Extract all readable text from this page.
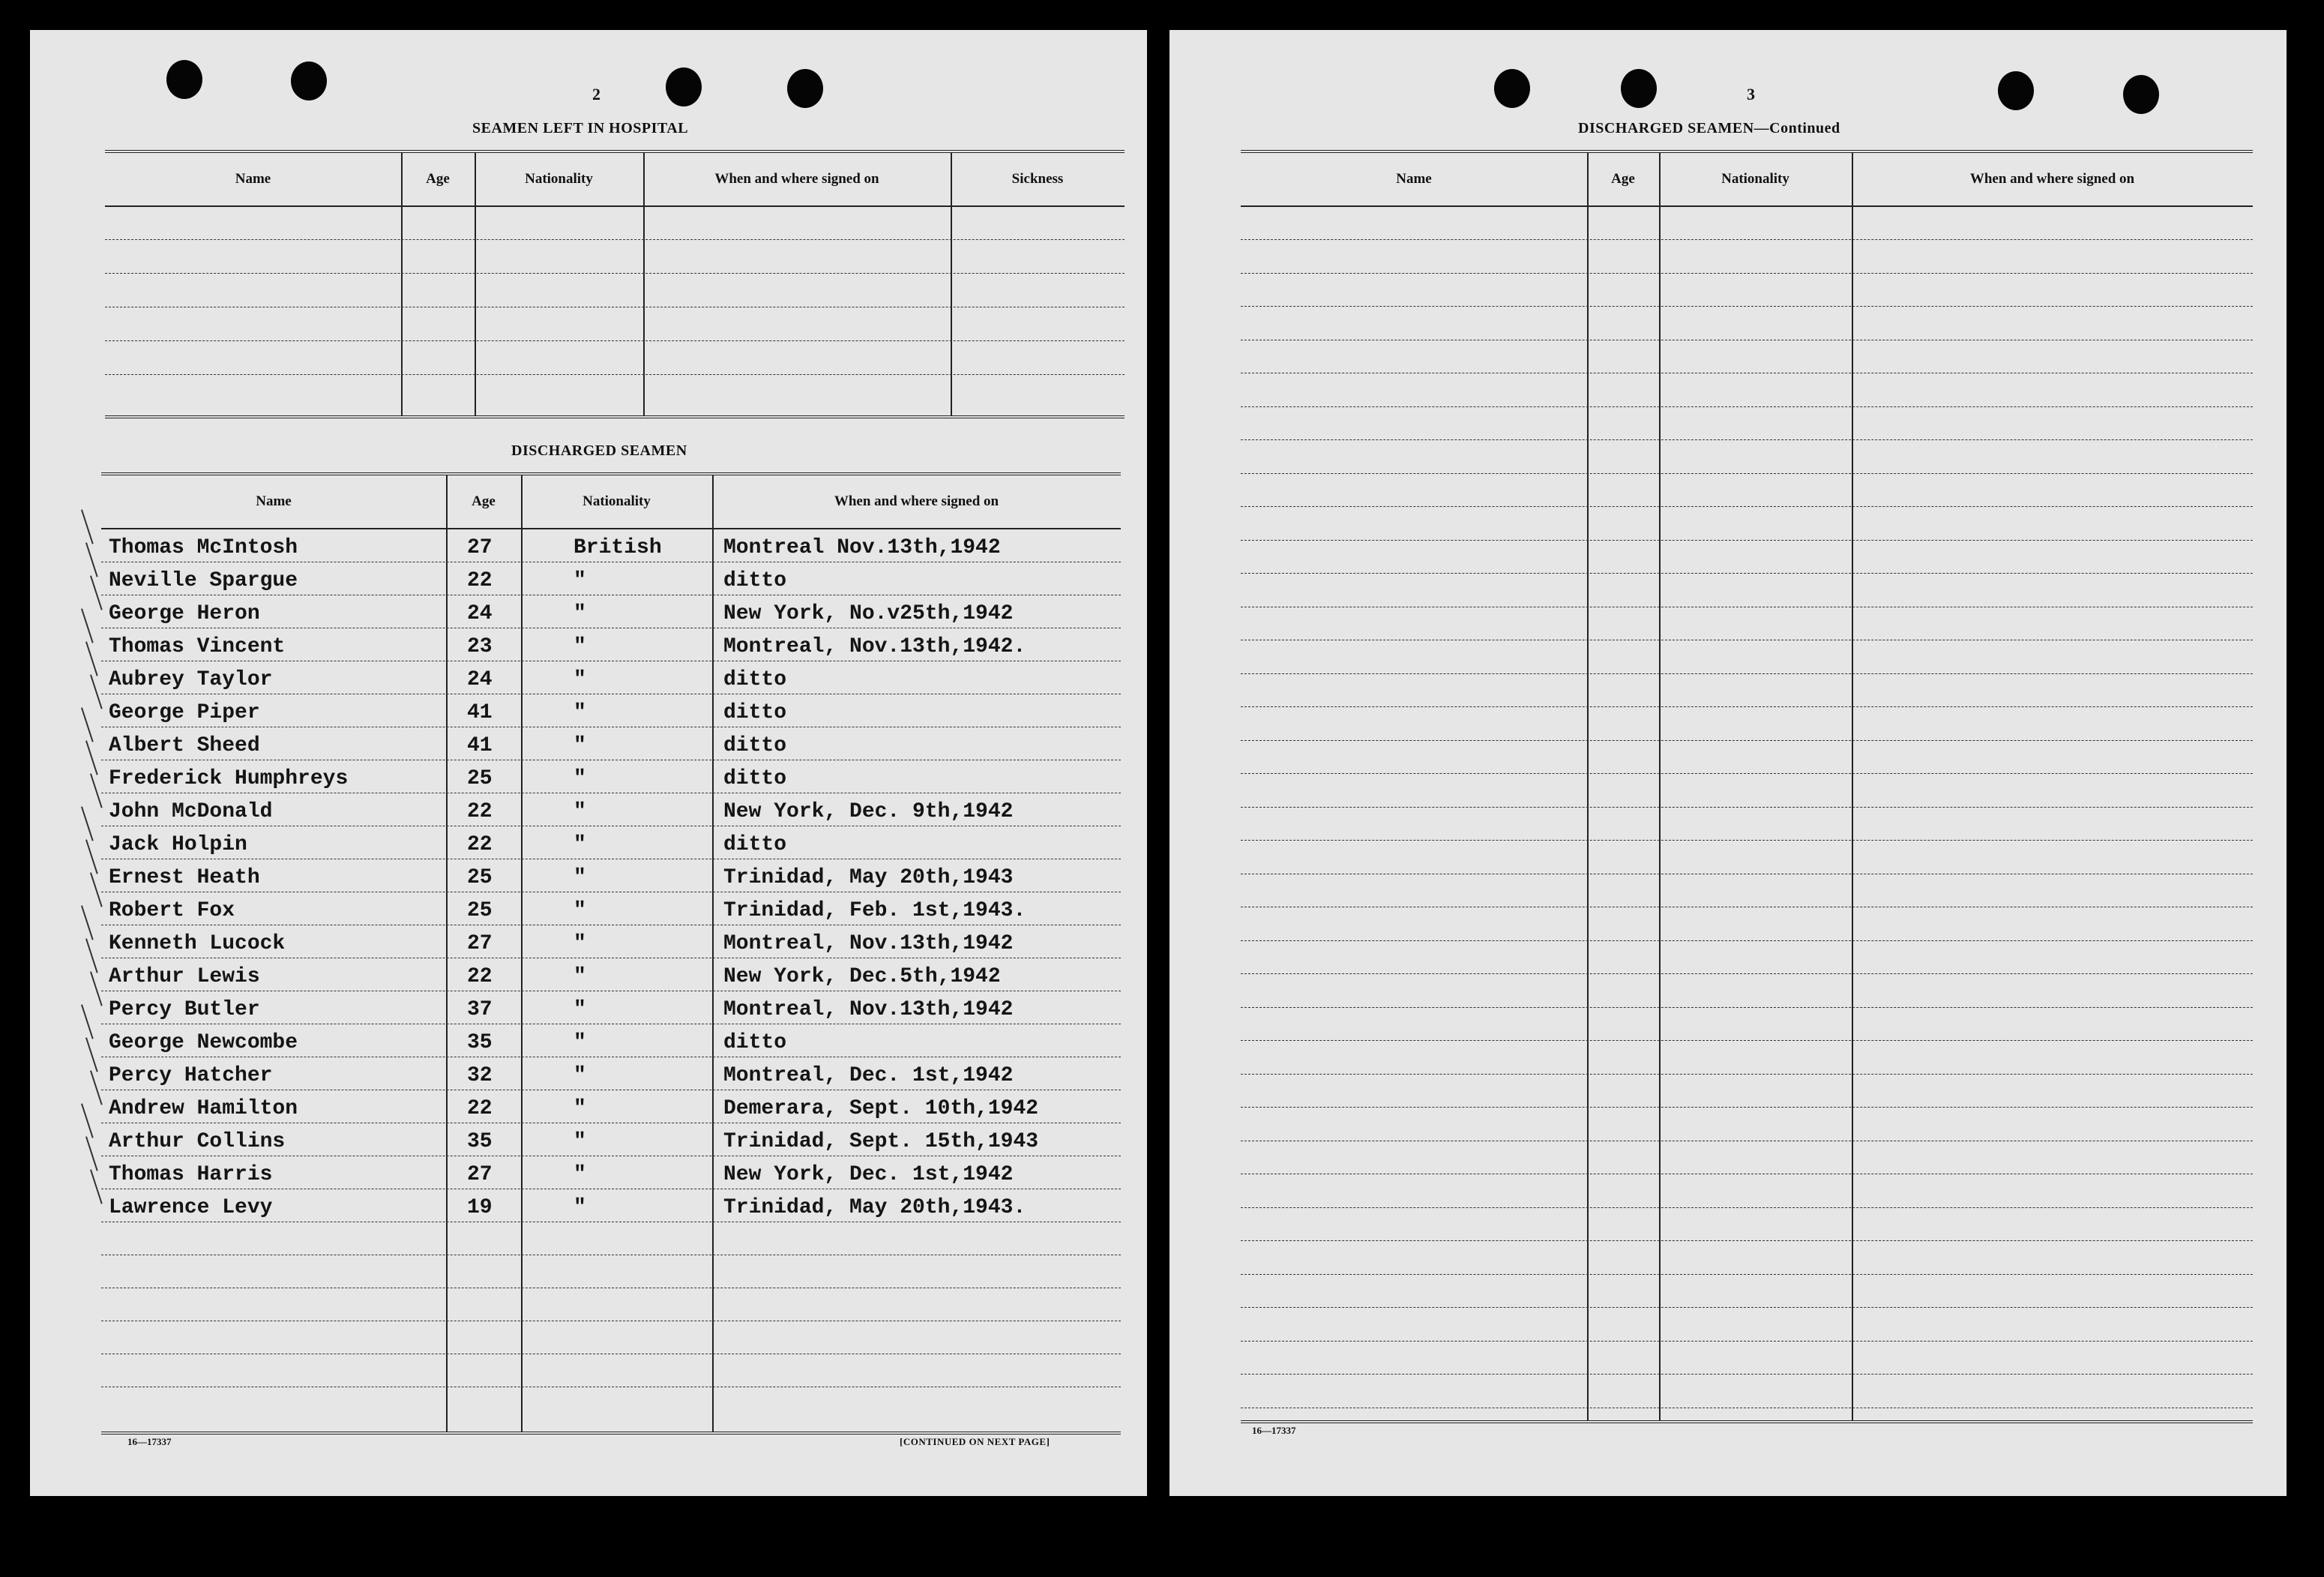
2
SEAMEN LEFT IN HOSPITAL
Name	Age	Nationality	When and where signed on	Sickness
DISCHARGED SEAMEN
Name	Age	Nationality	When and where signed on
Thomas McIntosh	27	British	Montreal Nov.13th,1942
Neville Spargue	22	"	ditto
George Heron	24	"	New York, No.v25th,1942
Thomas Vincent	23	"	Montreal, Nov.13th,1942.
Aubrey Taylor	24	"	ditto
George Piper	41	"	ditto
Albert Sheed	41	"	ditto
Frederick Humphreys	25	"	ditto
John McDonald	22	"	New York, Dec. 9th,1942
Jack Holpin	22	"	ditto
Ernest Heath	25	"	Trinidad, May 20th,1943
Robert Fox	25	"	Trinidad, Feb. 1st,1943.
Kenneth Lucock	27	"	Montreal, Nov.13th,1942
Arthur Lewis	22	"	New York, Dec.5th,1942
Percy Butler	37	"	Montreal, Nov.13th,1942
George Newcombe	35	"	ditto
Percy Hatcher	32	"	Montreal, Dec. 1st,1942
Andrew Hamilton	22	"	Demerara, Sept. 10th,1942
Arthur Collins	35	"	Trinidad, Sept. 15th,1943
Thomas Harris	27	"	New York, Dec. 1st,1942
Lawrence Levy	19	"	Trinidad, May 20th,1943.
16—17337	[CONTINUED ON NEXT PAGE]
3
DISCHARGED SEAMEN—Continued
Name	Age	Nationality	When and where signed on
16—17337
